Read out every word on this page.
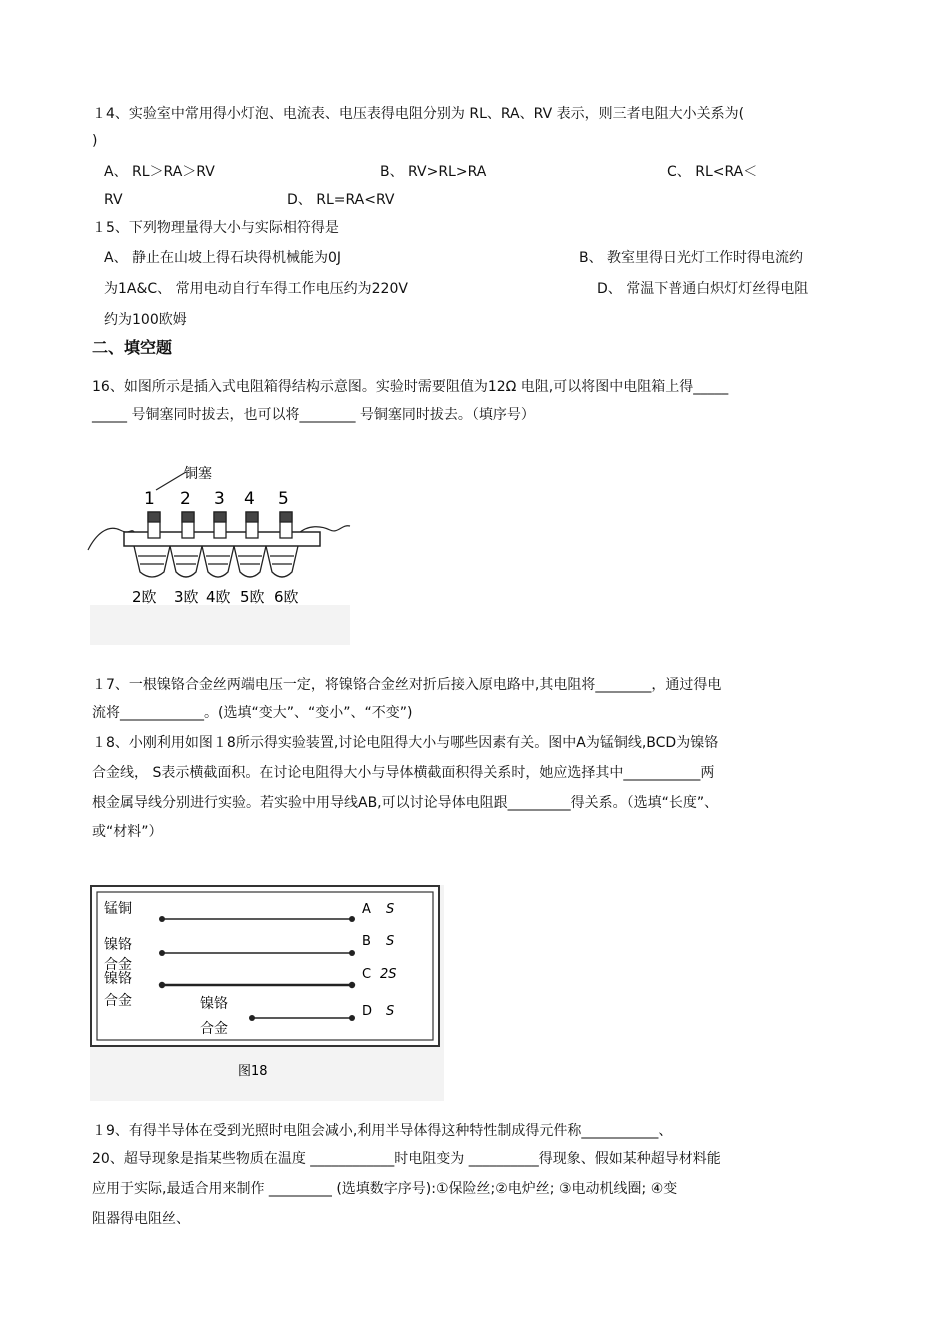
１4、实验室中常用得小灯泡、电流表、电压表得电阻分别为 RL、RA、RV 表示，则三者电阻大小关系为(
)
A、 RL＞RA＞RV	B、 RV>RL>RA	C、 RL<RA＜
RV	D、 RL=RA<RV
１5、下列物理量得大小与实际相符得是
A、 静止在山坡上得石块得机械能为0J	B、 教室里得日光灯工作时得电流约
为1A&C、 常用电动自行车得工作电压约为220V	D、 常温下普通白炽灯灯丝得电阻
约为100欧姆
二、填空题
16、如图所示是插入式电阻箱得结构示意图。实验时需要阻值为12Ω 电阻,可以将图中电阻箱上得_____
_____ 号铜塞同时拔去，也可以将________ 号铜塞同时拔去。（填序号）
铜塞
1 2 3 4 5
2欧 3欧 4欧 5欧 6欧
１7、一根镍铬合金丝两端电压一定，将镍铬合金丝对折后接入原电路中,其电阻将________，通过得电
流将____________。(选填“变大”、“变小”、“不变”)
１8、小刚利用如图１8所示得实验装置,讨论电阻得大小与哪些因素有关。图中A为锰铜线,BCD为镍铬
合金线， S表示横截面积。在讨论电阻得大小与导体横截面积得关系时，她应选择其中___________两
根金属导线分别进行实验。若实验中用导线AB,可以讨论导体电阻跟_________得关系。（选填“长度”、
或“材料”）
锰铜
镍铬
合金
镍铬
合金	镍铬
合金
A S
B S
C 2S
D S
图18
１9、有得半导体在受到光照时电阻会减小,利用半导体得这种特性制成得元件称___________、
20、超导现象是指某些物质在温度 ____________时电阻变为 __________得现象、假如某种超导材料能
应用于实际,最适合用来制作 _________ (选填数字序号):①保险丝;②电炉丝; ③电动机线圈; ④变
阻器得电阻丝、
